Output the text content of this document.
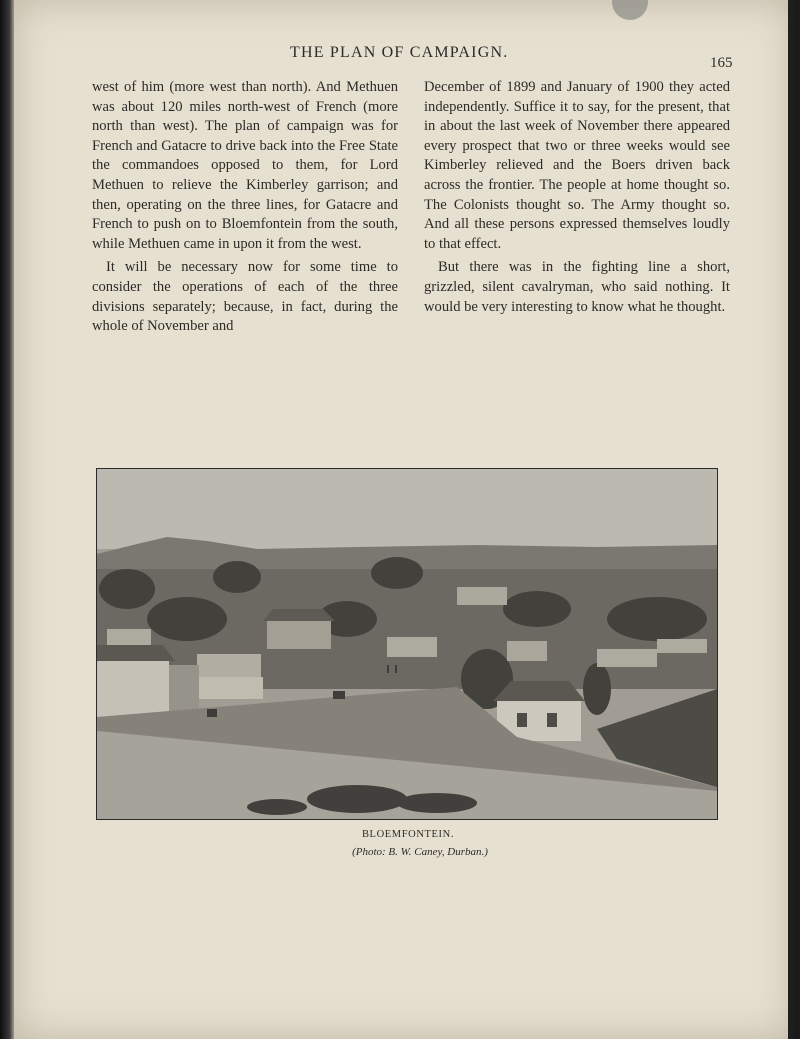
THE PLAN OF CAMPAIGN.
165

west of him (more west than north). And Methuen was about 120 miles north-west of French (more north than west). The plan of campaign was for French and Gatacre to drive back into the Free State the commandoes opposed to them, for Lord Methuen to relieve the Kimberley garrison; and then, operating on the three lines, for Gatacre and French to push on to Bloemfontein from the south, while Methuen came in upon it from the west.

It will be necessary now for some time to consider the operations of each of the three divisions separately; because, in fact, during the whole of November and

December of 1899 and January of 1900 they acted independently. Suffice it to say, for the present, that in about the last week of November there appeared every prospect that two or three weeks would see Kimberley relieved and the Boers driven back across the frontier. The people at home thought so. The Colonists thought so. The Army thought so. And all these persons expressed themselves loudly to that effect.

But there was in the fighting line a short, grizzled, silent cavalryman, who said nothing. It would be very interesting to know what he thought.

BLOEMFONTEIN.
(Photo: B. W. Caney, Durban.)
